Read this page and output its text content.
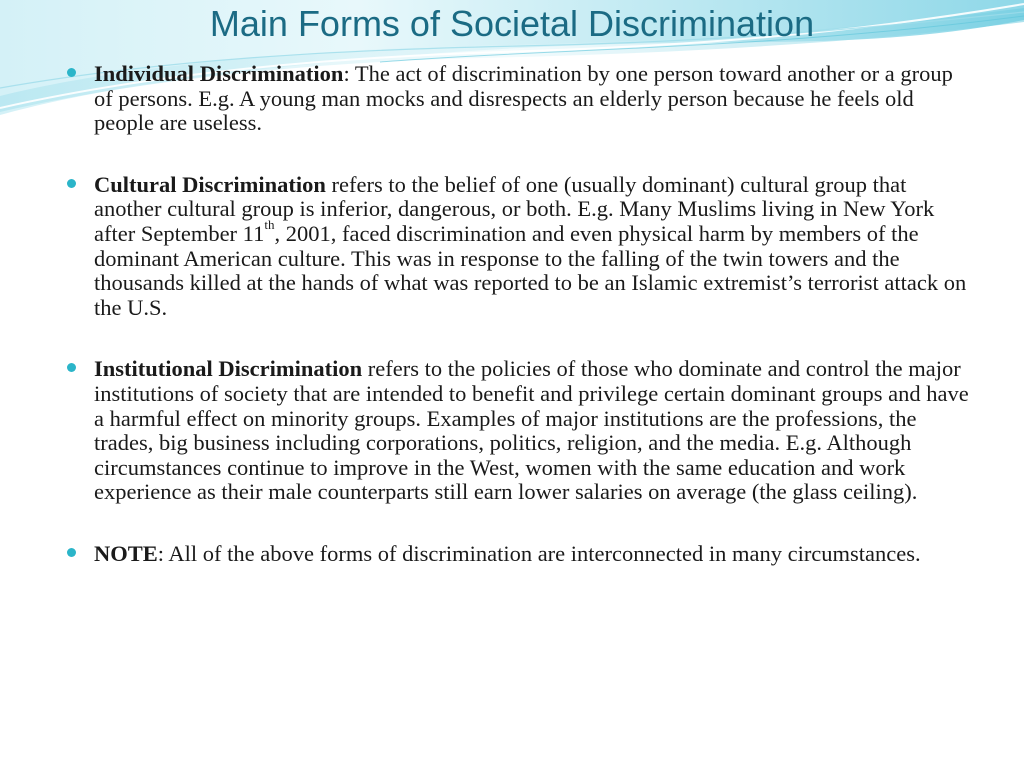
Main Forms of Societal Discrimination
Individual Discrimination: The act of discrimination by one person toward another or a group of persons. E.g. A young man mocks and disrespects an elderly person because he feels old people are useless.
Cultural Discrimination refers to the belief of one (usually dominant) cultural group that another cultural group is inferior, dangerous, or both. E.g. Many Muslims living in New York after September 11th, 2001, faced discrimination and even physical harm by members of the dominant American culture. This was in response to the falling of the twin towers and the thousands killed at the hands of what was reported to be an Islamic extremist’s terrorist attack on the U.S.
Institutional Discrimination refers to the policies of those who dominate and control the major institutions of society that are intended to benefit and privilege certain dominant groups and have a harmful effect on minority groups. Examples of major institutions are the professions, the trades, big business including corporations, politics, religion, and the media. E.g. Although circumstances continue to improve in the West, women with the same education and work experience as their male counterparts still earn lower salaries on average (the glass ceiling).
NOTE: All of the above forms of discrimination are interconnected in many circumstances.
